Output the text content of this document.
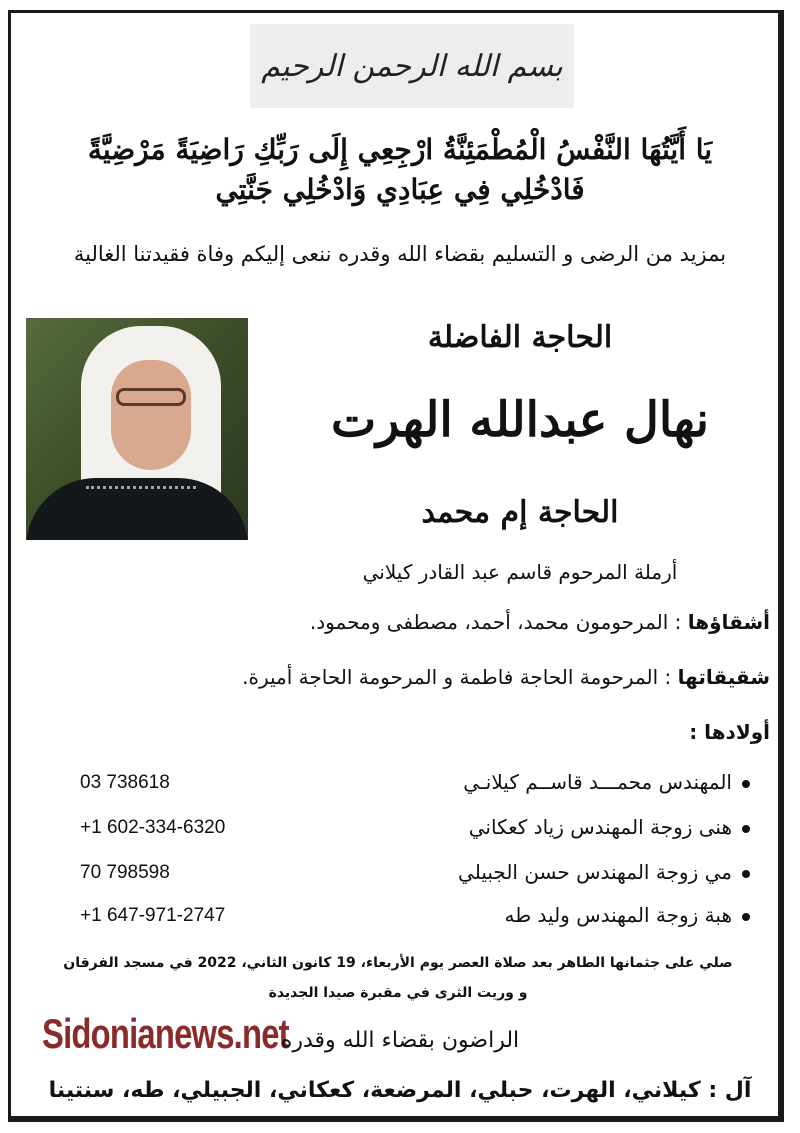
بسم الله الرحمن الرحيم
يَا أَيَّتُهَا النَّفْسُ الْمُطْمَئِنَّةُ ارْجِعِي إِلَى رَبِّكِ رَاضِيَةً مَرْضِيَّةً
فَادْخُلِي فِي عِبَادِي وَادْخُلِي جَنَّتِي
بمزيد من الرضى و التسليم بقضاء الله وقدره ننعى إليكم وفاة فقيدتنا الغالية
الحاجة الفاضلة
نهال عبدالله الهرت
الحاجة إم محمد
أرملة المرحوم قاسم عبد القادر كيلاني
أشقاؤها : المرحومون محمد، أحمد، مصطفى ومحمود.
شقيقاتها : المرحومة الحاجة فاطمة و المرحومة الحاجة أميرة.
أولادها :
المهندس محمـــد قاســم كيلانـي
03 738618
هنى زوجة المهندس زياد كعكاني
+1 602-334-6320
مي زوجة المهندس حسن الجبيلي
70 798598
هبة زوجة المهندس وليد طه
+1 647-971-2747
صلي على جثمانها الطاهر بعد صلاة العصر يوم الأربعاء، 19 كانون الثاني، 2022 في مسجد الفرقان
و وريت الثرى في مقبرة صيدا الجديدة
Sidonianews.net
الراضون بقضاء الله وقدره
آل : كيلاني، الهرت، حبلي، المرضعة، كعكاني، الجبيلي، طه، سنتينا
